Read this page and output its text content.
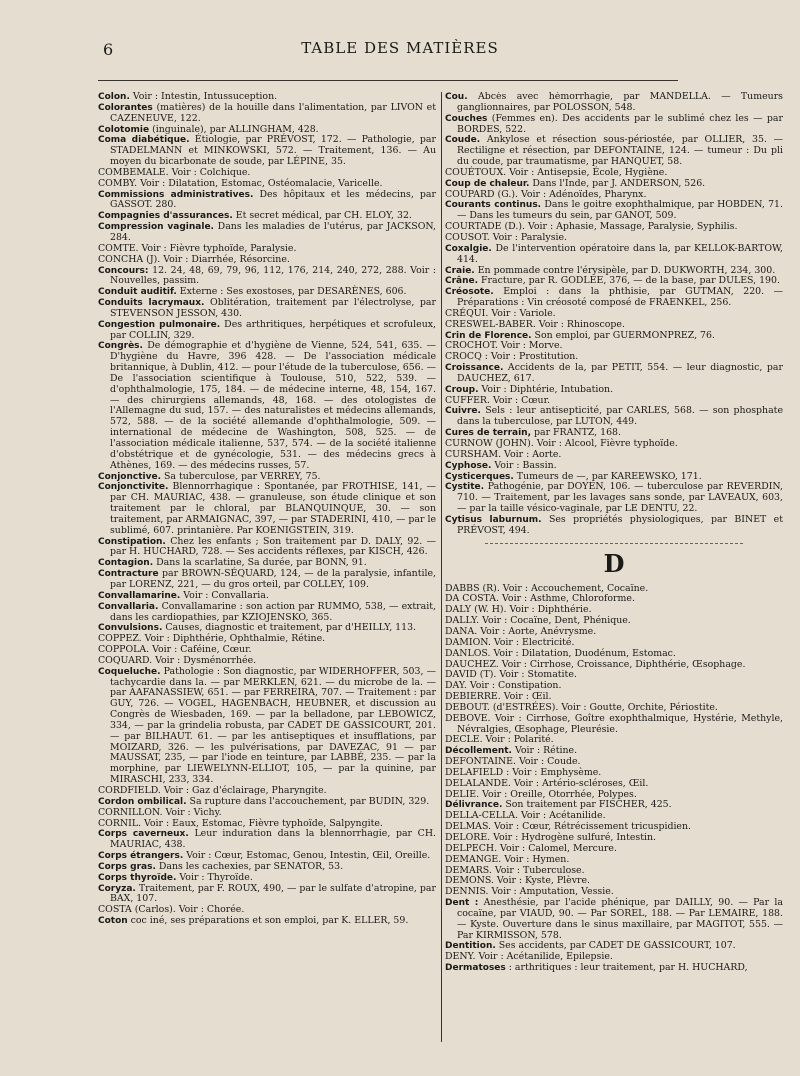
6	TABLE DES MATIÈRES

Colon. Voir : Intestin, Intussuception.

Colorantes (matières) de la houille dans l'alimentation, par LIVON et CAZENEUVE, 122.

Colotomie (inguinale), par ALLINGHAM, 428.

Coma diabétique. Étiologie, par PRÉVOST, 172. — Pathologie, par STADELMANN et MINKOWSKI, 572. — Traitement, 136. — Au moyen du bicarbonate de soude, par LÉPINE, 35.

COMBEMALE. Voir : Colchique.

COMBY. Voir : Dilatation, Estomac, Ostéomalacie, Varicelle.

Commissions administratives. Des hôpitaux et les médecins, par GASSOT. 280.

Compagnies d'assurances. Et secret médical, par CH. ELOY, 32.

Compression vaginale. Dans les maladies de l'utérus, par JACKSON, 284.

COMTE. Voir : Fièvre typhoïde, Paralysie.

CONCHA (J). Voir : Diarrhée, Résorcine.

Concours: 12. 24, 48, 69, 79, 96, 112, 176, 214, 240, 272, 288. Voir : Nouvelles, passim.

Conduit auditif. Externe : Ses exostoses, par DESARÈNES, 606.

Conduits lacrymaux. Oblitération, traitement par l'électrolyse, par STEVENSON JESSON, 430.

Congestion pulmonaire. Des arthritiques, herpétiques et scrofuleux, par COLLIN, 329.

Congrès. De démographie et d'hygiène de Vienne, 524, 541, 635. — D'hygiène du Havre, 396 428. — De l'association médicale britannique, à Dublin, 412. — pour l'étude de la tuberculose, 656. — De l'association scientifique à Toulouse, 510, 522, 539. — d'ophthalmologie, 175, 184. — de médecine interne, 48, 154, 167. — des chirurgiens allemands, 48, 168. — des otologistes de l'Allemagne du sud, 157. — des naturalistes et médecins allemands, 572, 588. — de la société allemande d'ophthalmologie, 509. — international de médecine de Washington, 508, 525. — de l'association médicale italienne, 537, 574. — de la société italienne d'obstétrique et de gynécologie, 531. — des médecins grecs à Athènes, 169. — des médecins russes, 57.

Conjonctive. Sa tuberculose, par VERREY, 75.

Conjonctivite. Blennorrhagique : Spontanée, par FROTHISE, 141, — par CH. MAURIAC, 438. — granuleuse, son étude clinique et son traitement par le chloral, par BLANQUINQUE, 30. — son traitement, par ARMAIGNAC, 397, — par STADERINI, 410, — par le sublimé, 607. printanière. Par KOENIGSTEIN, 319.

Constipation. Chez les enfants ; Son traitement par D. DALY, 92. — par H. HUCHARD, 728. — Ses accidents réflexes, par KISCH, 426.

Contagion. Dans la scarlatine, Sa durée, par BONN, 91.

Contracture par BROWN-SÉQUARD, 124, — de la paralysie, infantile, par LORENZ, 221, — du gros orteil, par COLLEY, 109.

Convallamarine. Voir : Convallaria.

Convallaria. Convallamarine : son action par RUMMO, 538, — extrait, dans les cardiopathies, par KZIOJENSKO, 365.

Convulsions. Causes, diagnostic et traitement, par d'HEILLY, 113.

COPPEZ. Voir : Diphthérie, Ophthalmie, Rétine.

COPPOLA. Voir : Caféine, Cœur.

COQUARD. Voir : Dysménorrhée.

Coqueluche. Pathologie : Son diagnostic, par WIDERHOFFER, 503, — tachycardie dans la. — par MERKLEN, 621. — du microbe de la. — par AAFANASSIEW, 651. — par FERREIRA, 707. — Traitement : par GUY, 726. — VOGEL, HAGENBACH, HEUBNER, et discussion au Congrès de Wiesbaden, 169. — par la belladone, par LEBOWICZ, 334, — par la grindelia robusta, par CADET DE GASSICOURT, 201. — par BILHAUT. 61. — par les antiseptiques et insufflations, par MOIZARD, 326. — les pulvérisations, par DAVEZAC, 91 — par MAUSSAT, 235, — par l'iode en teinture, par LABBÉ, 235. — par la morphine, par LIEWELYNN-ELLIOT, 105, — par la quinine, par MIRASCHI, 233, 334.

CORDFIELD. Voir : Gaz d'éclairage, Pharyngite.

Cordon ombilical. Sa rupture dans l'accouchement, par BUDIN, 329.

CORNILLON. Voir : Vichy.

CORNIL. Voir : Eaux, Estomac, Fièvre typhoïde, Salpyngite.

Corps caverneux. Leur induration dans la blennorrhagie, par CH. MAURIAC, 438.

Corps étrangers. Voir : Cœur, Estomac, Genou, Intestin, Œil, Oreille.

Corps gras. Dans les cachexies, par SENATOR, 53.

Corps thyroïde. Voir : Thyroïde.

Coryza. Traitement, par F. ROUX, 490, — par le sulfate d'atropine, par BAX, 107.

COSTA (Carlos). Voir : Chorée.

Coton coc iné, ses préparations et son emploi, par K. ELLER, 59.

Cou. Abcès avec hémorrhagie, par MANDELLA. — Tumeurs ganglionnaires, par POLOSSON, 548.

Couches (Femmes en). Des accidents par le sublimé chez les — par BORDES, 522.

Coude. Ankylose et résection sous-périostée, par OLLIER, 35. — Rectiligne et résection, par DEFONTAINE, 124. — tumeur : Du pli du coude, par traumatisme, par HANQUET, 58.

COUÉTOUX. Voir : Antisepsie, École, Hygiène.

Coup de chaleur. Dans l'Inde, par J. ANDERSON, 526.

COUPARD (G.). Voir : Adénoïdes, Pharynx.

Courants continus. Dans le goitre exophthalmique, par HOBDEN, 71. — Dans les tumeurs du sein, par GANOT, 509.

COURTADE (D.). Voir : Aphasie, Massage, Paralysie, Syphilis.

COUSOT. Voir : Paralysie.

Coxalgie. De l'intervention opératoire dans la, par KELLOK-BARTOW, 414.

Craie. En pommade contre l'érysipèle, par D. DUKWORTH, 234, 300.

Crâne. Fracture, par R. GODLEE, 376, — de la base, par DULES, 190.

Créosote. Emploi : dans la phthisie, par GUTMAN, 220. — Préparations : Vin créosoté composé de FRAENKEL, 256.

CRÉQUI. Voir : Variole.

CRESWEL-BABER. Voir : Rhinoscope.

Crin de Florence. Son emploi, par GUERMONPREZ, 76.

CROCHOT. Voir : Morve.

CROCQ : Voir : Prostitution.

Croissance. Accidents de la, par PETIT, 554. — leur diagnostic, par DAUCHEZ, 617.

Croup. Voir : Diphtérie, Intubation.

CUFFER. Voir : Cœur.

Cuivre. Sels : leur antisepticité, par CARLES, 568. — son phosphate dans la tuberculose, par LUTON, 449.

Cures de terrain, par FRANTZ, 168.

CURNOW (JOHN). Voir : Alcool, Fièvre typhoïde.

CURSHAM. Voir : Aorte.

Cyphose. Voir : Bassin.

Cysticerques. Tumeurs de —, par KAREEWSKO, 171.

Cystite. Pathogénie, par DOYEN, 106. — tuberculose par REVERDIN, 710. — Traitement, par les lavages sans sonde, par LAVEAUX, 603, — par la taille vésico-vaginale, par LE DENTU, 22.

Cytisus laburnum. Ses propriétés physiologiques, par BINET et PRÉVOST, 494.

D

DABBS (R). Voir : Accouchement, Cocaïne.

DA COSTA. Voir : Asthme, Chloroforme.

DALY (W. H). Voir : Diphthérie.

DALLY. Voir : Cocaïne, Dent, Phénique.

DANA. Voir : Aorte, Anévrysme.

DAMION. Voir : Electricité.

DANLOS. Voir : Dilatation, Duodénum, Estomac.

DAUCHEZ. Voir : Cirrhose, Croissance, Diphthérie, Œsophage.

DAVID (T). Voir : Stomatite.

DAY. Voir : Constipation.

DEBIERRE. Voir : Œil.

DEBOUT. (d'ESTRÉES). Voir : Goutte, Orchite, Périostite.

DEBOVE. Voir : Cirrhose, Goître exophthalmique, Hystérie, Methyle, Névralgies, Œsophage, Pleurésie.

DECLE. Voir : Polarité.

Décollement. Voir : Rétine.

DEFONTAINE. Voir : Coude.

DELAFIELD : Voir : Emphysème.

DELALANDE. Voir : Artério-scléroses, Œil.

DELIE. Voir : Oreille, Otorrhée, Polypes.

Délivrance. Son traitement par FISCHER, 425.

DELLA-CELLA. Voir : Acétanilide.

DELMAS. Voir : Cœur, Rétrécissement tricuspidien.

DELORE. Voir : Hydrogène sulfuré, Intestin.

DELPECH. Voir : Calomel, Mercure.

DEMANGE. Voir : Hymen.

DEMARS. Voir : Tuberculose.

DEMONS. Voir : Kyste, Plèvre.

DENNIS. Voir : Amputation, Vessie.

Dent : Anesthésie, par l'acide phénique, par DAILLY, 90. — Par la cocaïne, par VIAUD, 90. — Par SOREL, 188. — Par LEMAIRE, 188. — Kyste. Ouverture dans le sinus maxillaire, par MAGITOT, 555. — Par KIRMISSON, 578.

Dentition. Ses accidents, par CADET DE GASSICOURT, 107.

DENY. Voir : Acétanilide, Epilepsie.

Dermatoses : arthritiques : leur traitement, par H. HUCHARD,
